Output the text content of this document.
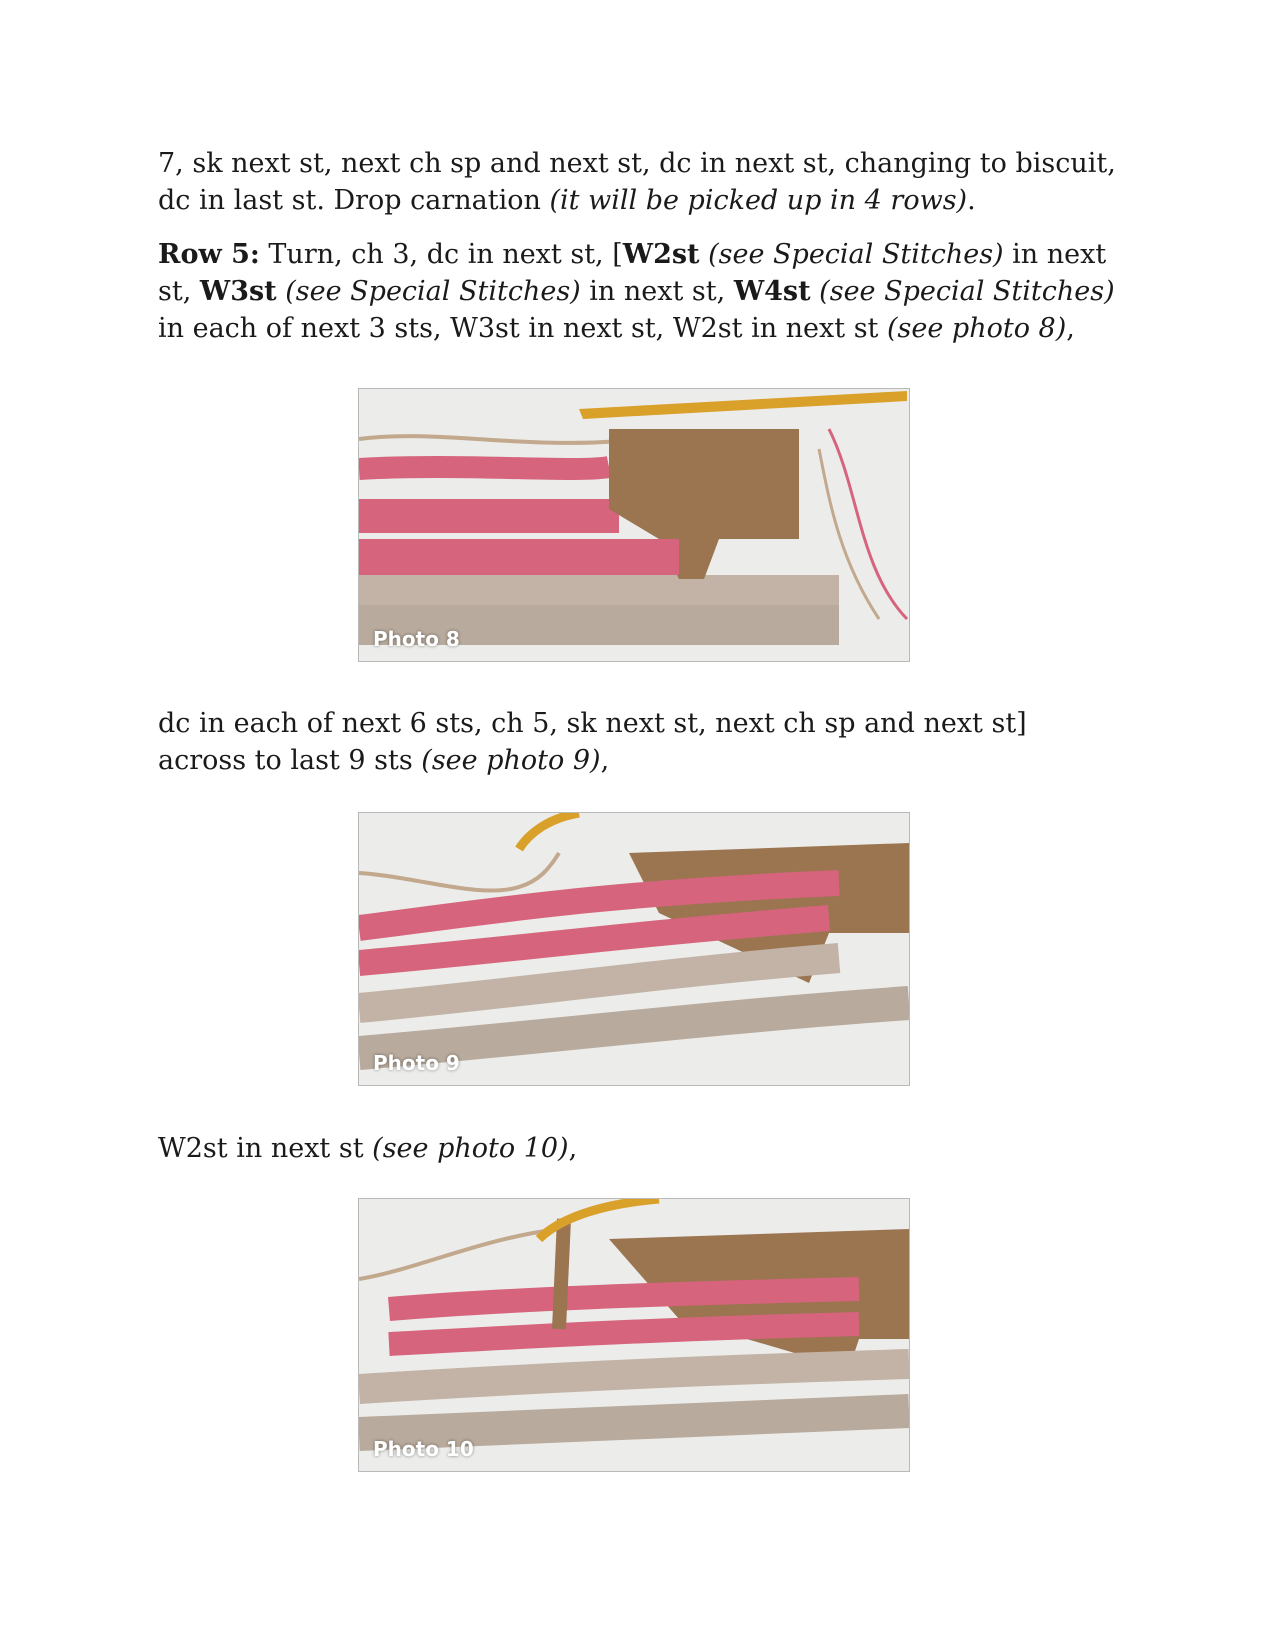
7, sk next st, next ch sp and next st, dc in next st, changing to biscuit, dc in last st. Drop carnation (it will be picked up in 4 rows).

Row 5: Turn, ch 3, dc in next st, [W2st (see Special Stitches) in next st, W3st (see Special Stitches) in next st, W4st (see Special Stitches) in each of next 3 sts, W3st in next st, W2st in next st (see photo 8),

Photo 8

dc in each of next 6 sts, ch 5, sk next st, next ch sp and next st] across to last 9 sts (see photo 9),

Photo 9

W2st in next st (see photo 10),

Photo 10
